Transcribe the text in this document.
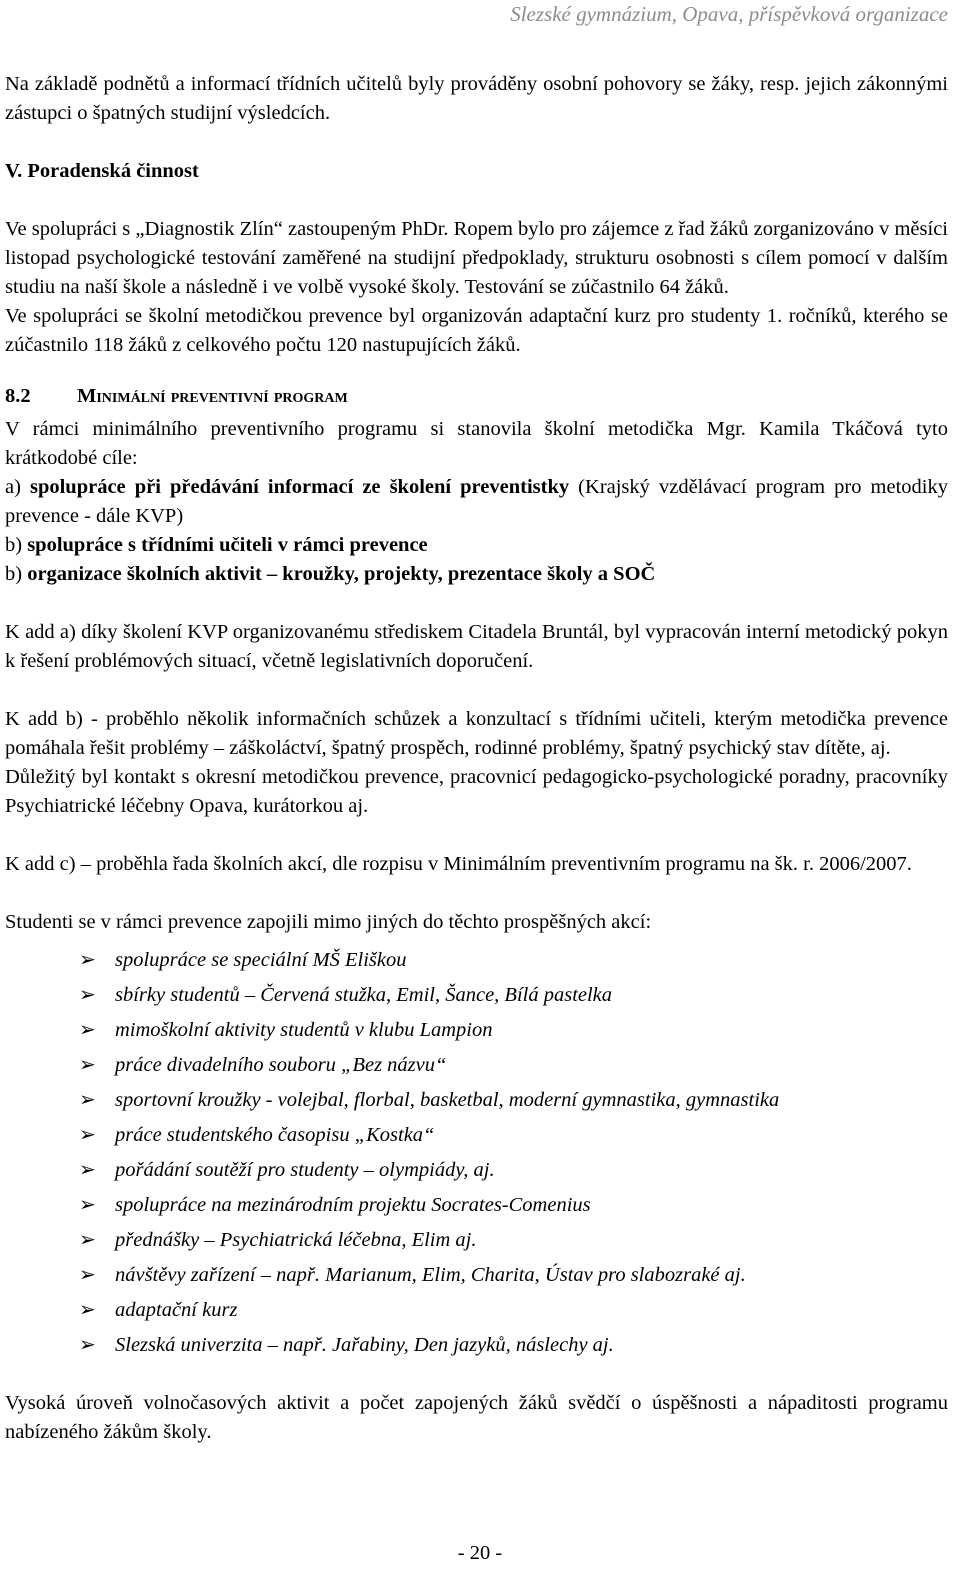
Slezské gymnázium, Opava, příspěvková organizace

Na základě podnětů a informací třídních učitelů byly prováděny osobní pohovory se žáky, resp. jejich zákonnými zástupci o špatných studijní výsledcích.

V. Poradenská činnost

Ve spolupráci s „Diagnostik Zlín“ zastoupeným PhDr. Ropem bylo pro zájemce z řad žáků zorganizováno v měsíci listopad psychologické testování zaměřené na studijní předpoklady, strukturu osobnosti s cílem pomocí v dalším studiu na naší škole a následně i ve volbě vysoké školy. Testování se zúčastnilo 64 žáků.

Ve spolupráci se školní metodičkou prevence byl organizován adaptační kurz pro studenty 1. ročníků, kterého se zúčastnilo 118 žáků z celkového počtu 120 nastupujících žáků.

8.2 Minimální preventivní program

V rámci minimálního preventivního programu si stanovila školní metodička Mgr. Kamila Tkáčová tyto krátkodobé cíle:

a) spolupráce při předávání informací ze školení preventistky (Krajský vzdělávací program pro metodiky prevence - dále KVP)

b) spolupráce s třídními učiteli v rámci prevence

b) organizace školních aktivit – kroužky, projekty, prezentace školy a SOČ

K add a) díky školení KVP organizovanému střediskem Citadela Bruntál, byl vypracován interní metodický pokyn k řešení problémových situací, včetně legislativních doporučení.

K add b) - proběhlo několik informačních schůzek a konzultací s třídními učiteli, kterým metodička prevence pomáhala řešit problémy – záškoláctví, špatný prospěch, rodinné problémy, špatný psychický stav dítěte, aj.

Důležitý byl kontakt s okresní metodičkou prevence, pracovnicí pedagogicko-psychologické poradny, pracovníky Psychiatrické léčebny Opava, kurátorkou aj.

K add c) – proběhla řada školních akcí, dle rozpisu v Minimálním preventivním programu na šk. r. 2006/2007.

Studenti se v rámci prevence zapojili mimo jiných do těchto prospěšných akcí:

➢ spolupráce se speciální MŠ Eliškou
➢ sbírky studentů – Červená stužka, Emil, Šance, Bílá pastelka
➢ mimoškolní aktivity studentů v klubu Lampion
➢ práce divadelního souboru „Bez názvu“
➢ sportovní kroužky - volejbal, florbal, basketbal, moderní gymnastika, gymnastika
➢ práce studentského časopisu „Kostka“
➢ pořádání soutěží pro studenty – olympiády, aj.
➢ spolupráce na mezinárodním projektu Socrates-Comenius
➢ přednášky – Psychiatrická léčebna, Elim aj.
➢ návštěvy zařízení – např. Marianum, Elim, Charita, Ústav pro slabozraké aj.
➢ adaptační kurz
➢ Slezská univerzita – např. Jařabiny, Den jazyků, náslechy aj.

Vysoká úroveň volnočasových aktivit a počet zapojených žáků svědčí o úspěšnosti a nápaditosti programu nabízeného žákům školy.

- 20 -
